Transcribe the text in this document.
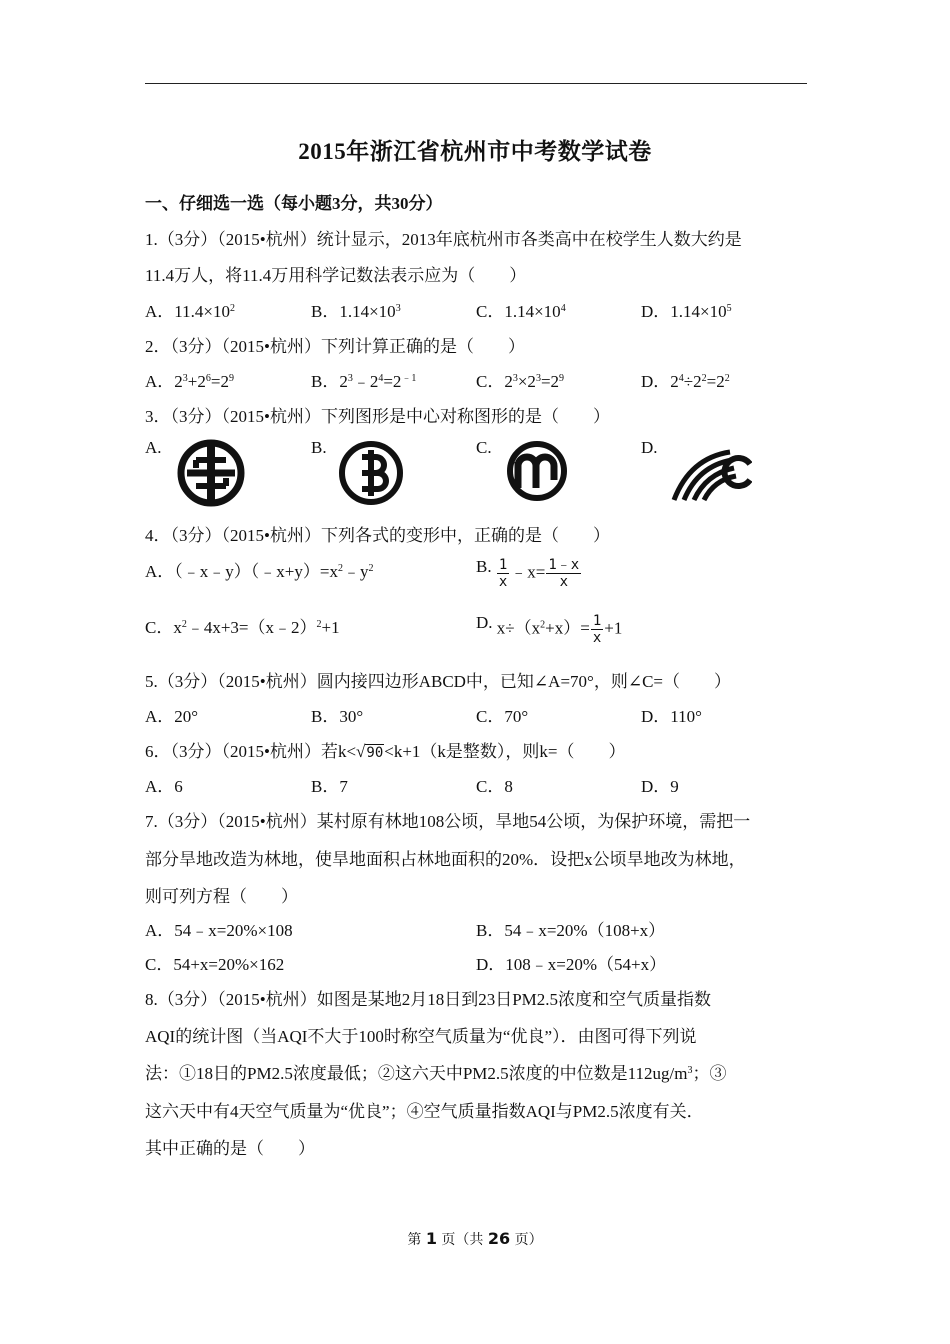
2015年浙江省杭州市中考数学试卷
一、仔细选一选（每小题3分，共30分）
1.（3分）（2015•杭州）统计显示，2013年底杭州市各类高中在校学生人数大约是
11.4万人，将11.4万用科学记数法表示应为（　　）
A．$11.4\times 10^2$	B．$1.14\times 10^3$	C．$1.14\times 10^4$	D．$1.14\times 10^5$
2．（3分）（2015•杭州）下列计算正确的是（　　）
A．$2^3+2^6=2^9$	B．$2^3﹣2^4=2^{﹣1}$	C．$2^3\times 2^3=2^9$	D．$2^4\div 2^2=2^2$
3．（3分）（2015•杭州）下列图形是中心对称图形的是（　　）
A.	B.	C.	D.
4．（3分）（2015•杭州）下列各式的变形中，正确的是（　　）
A．$(﹣x﹣y)(﹣x+y)=x^2﹣y^2$	B. $\frac{1}{x}$ ﹣x= $\frac{1﹣x}{x}$
C．$x^2﹣4x+3=(x﹣2)^2+1$	D. $x\div(x^2+x)= \frac{1}{x} +1$
5.（3分）（2015•杭州）圆内接四边形ABCD中，已知∠A=70°，则∠C=（　　）
A．20°	B．30°	C．70°	D．110°
6．（3分）（2015•杭州）若k<√90<k+1（k是整数），则k=（　　）
A．6	B．7	C．8	D．9
7.（3分）（2015•杭州）某村原有林地108公顷，旱地54公顷，为保护环境，需把一
部分旱地改造为林地，使旱地面积占林地面积的20%．设把x公顷旱地改为林地，
则可列方程（　　）
A．54﹣x=20%×108	B．54﹣x=20%（108+x）
C．54+x=20%×162	D．108﹣x=20%（54+x）
8.（3分）（2015•杭州）如图是某地2月18日到23日PM2.5浓度和空气质量指数
AQI的统计图（当AQI不大于100时称空气质量为“优良”）．由图可得下列说
法：①18日的PM2.5浓度最低；②这六天中PM2.5浓度的中位数是$112ug/m^3$；③
这六天中有4天空气质量为“优良”；④空气质量指数AQI与PM2.5浓度有关．
其中正确的是（　　）
第 1 页（共 26 页）
